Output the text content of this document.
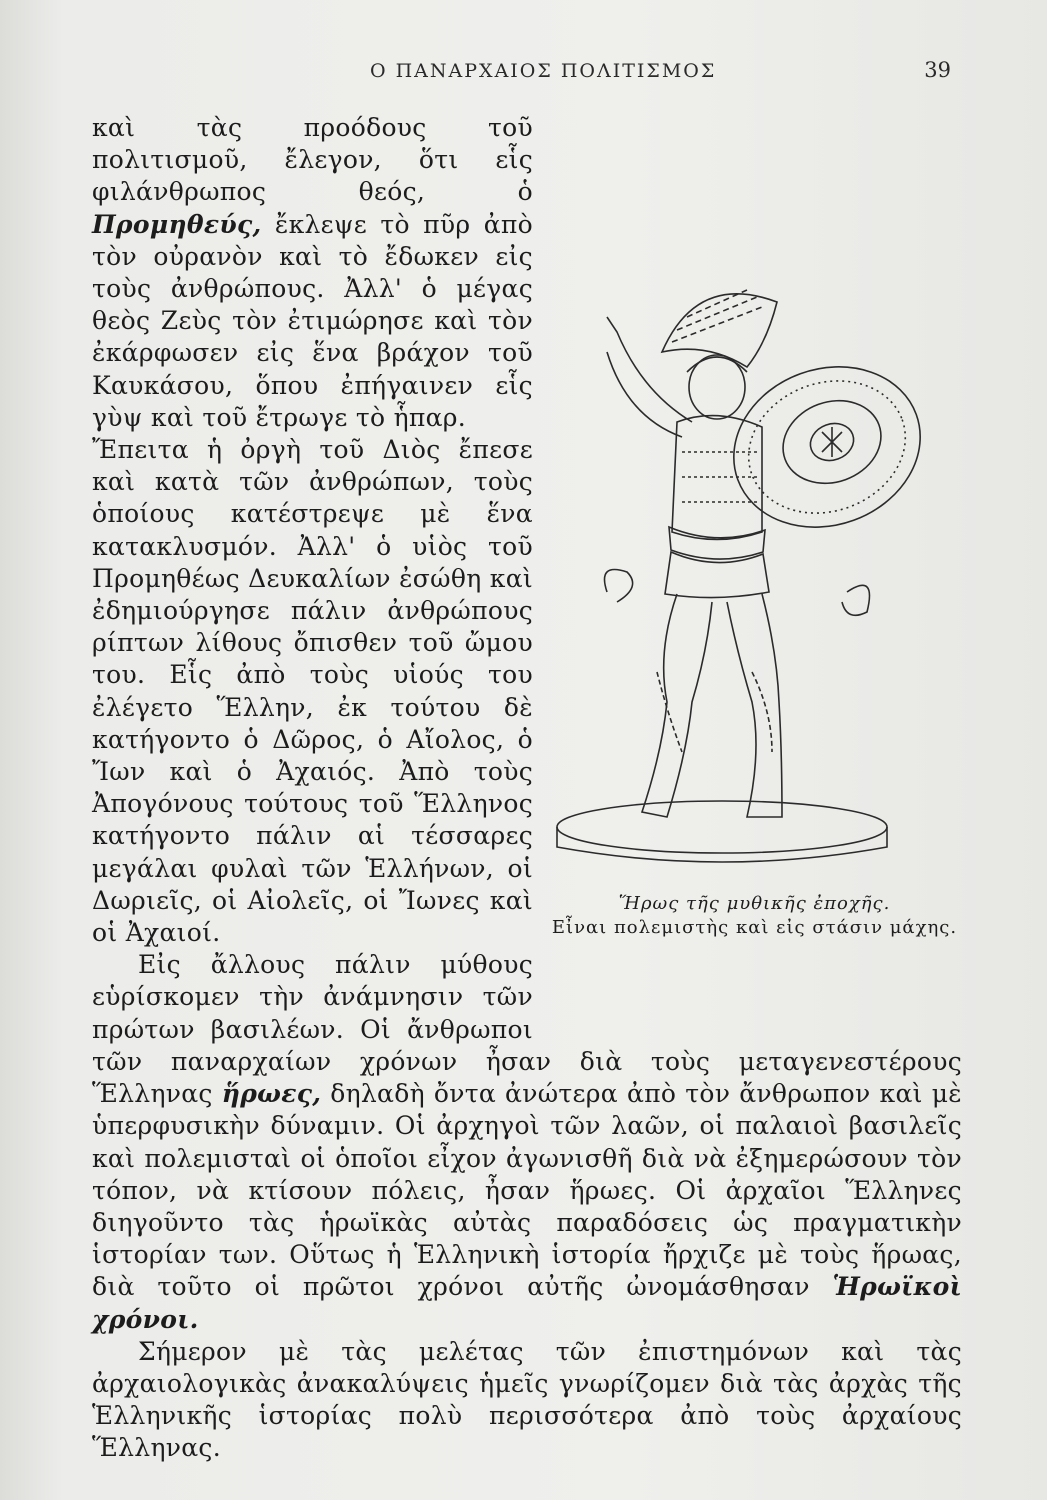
Ο ΠΑΝΑΡΧΑΙΟΣ ΠΟΛΙΤΙΣΜΟΣ	39
Ἥρως τῆς μυθικῆς ἐποχῆς.
Εἶναι πολεμιστὴς καὶ εἰς στάσιν μάχης.

καὶ τὰς προόδους τοῦ πολιτισμοῦ, ἔλεγον, ὅτι εἷς φιλάνθρωπος θεός, ὁ Προμηθεύς, ἔκλεψε τὸ πῦρ ἀπὸ τὸν οὐρανὸν καὶ τὸ ἔδωκεν εἰς τοὺς ἀνθρώπους. Ἀλλ' ὁ μέγας θεὸς Ζεὺς τὸν ἐτιμώρησε καὶ τὸν ἐκάρφωσεν εἰς ἕνα βράχον τοῦ Καυκάσου, ὅπου ἐπήγαινεν εἷς γὺψ καὶ τοῦ ἔτρωγε τὸ ἧπαρ.

Ἔπειτα ἡ ὀργὴ τοῦ Διὸς ἔπεσε καὶ κατὰ τῶν ἀνθρώπων, τοὺς ὁποίους κατέστρεψε μὲ ἕνα κατακλυσμόν. Ἀλλ' ὁ υἱὸς τοῦ Προμηθέως Δευκαλίων ἐσώθη καὶ ἐδημιούργησε πάλιν ἀνθρώπους ρίπτων λίθους ὄπισθεν τοῦ ὤμου του. Εἷς ἀπὸ τοὺς υἱούς του ἐλέγετο Ἕλλην, ἐκ τούτου δὲ κατήγοντο ὁ Δῶρος, ὁ Αἴολος, ὁ Ἴων καὶ ὁ Ἀχαιός. Ἀπὸ τοὺς Ἀπογόνους τούτους τοῦ Ἕλληνος κατήγοντο πάλιν αἱ τέσσαρες μεγάλαι φυλαὶ τῶν Ἑλλήνων, οἱ Δωριεῖς, οἱ Αἰολεῖς, οἱ Ἴωνες καὶ οἱ Ἀχαιοί.

Εἰς ἄλλους πάλιν μύθους εὑρίσκομεν τὴν ἀνάμνησιν τῶν πρώτων βασιλέων. Οἱ ἄνθρωποι τῶν παναρχαίων χρόνων ἦσαν διὰ τοὺς μεταγενεστέρους Ἕλληνας ἥρωες, δηλαδὴ ὄντα ἀνώτερα ἀπὸ τὸν ἄνθρωπον καὶ μὲ ὑπερφυσικὴν δύναμιν. Οἱ ἀρχηγοὶ τῶν λαῶν, οἱ παλαιοὶ βασιλεῖς καὶ πολεμισταὶ οἱ ὁποῖοι εἶχον ἀγωνισθῆ διὰ νὰ ἐξημερώσουν τὸν τόπον, νὰ κτίσουν πόλεις, ἦσαν ἥρωες. Οἱ ἀρχαῖοι Ἕλληνες διηγοῦντο τὰς ἡρωϊκὰς αὐτὰς παραδόσεις ὡς πραγματικὴν ἱστορίαν των. Οὕτως ἡ Ἑλληνικὴ ἱστορία ἤρχιζε μὲ τοὺς ἥρωας, διὰ τοῦτο οἱ πρῶτοι χρόνοι αὐτῆς ὠνομάσθησαν Ἡρωϊκοὶ χρόνοι.

Σήμερον μὲ τὰς μελέτας τῶν ἐπιστημόνων καὶ τὰς ἀρχαιολογικὰς ἀνακαλύψεις ἡμεῖς γνωρίζομεν διὰ τὰς ἀρχὰς τῆς Ἑλληνικῆς ἱστορίας πολὺ περισσότερα ἀπὸ τοὺς ἀρχαίους Ἕλληνας.
